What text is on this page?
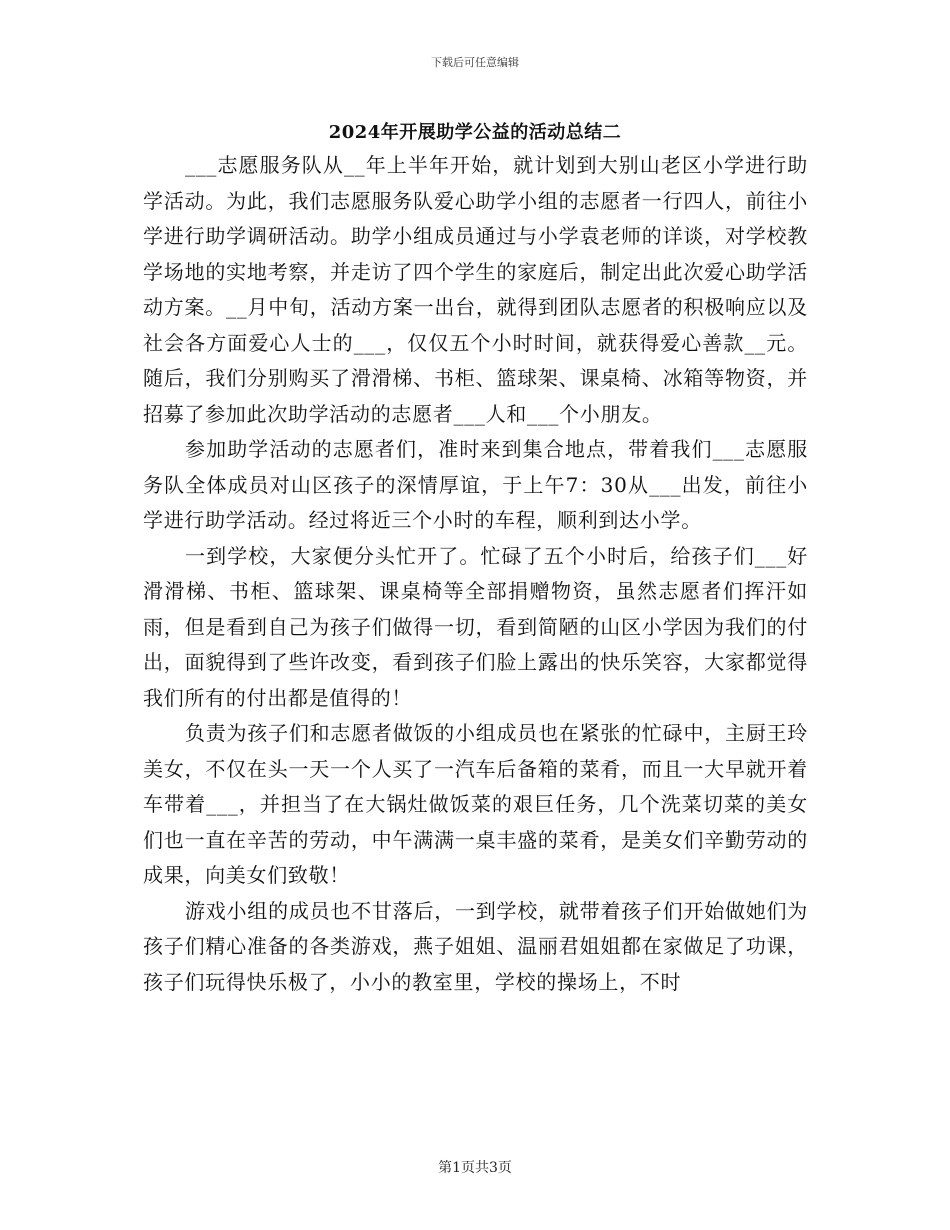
下载后可任意编辑
2024年开展助学公益的活动总结二

___志愿服务队从__年上半年开始，就计划到大别山老区小学进行助学活动。为此，我们志愿服务队爱心助学小组的志愿者一行四人，前往小学进行助学调研活动。助学小组成员通过与小学袁老师的详谈，对学校教学场地的实地考察，并走访了四个学生的家庭后，制定出此次爱心助学活动方案。__月中旬，活动方案一出台，就得到团队志愿者的积极响应以及社会各方面爱心人士的___，仅仅五个小时时间，就获得爱心善款__元。随后，我们分别购买了滑滑梯、书柜、篮球架、课桌椅、冰箱等物资，并招募了参加此次助学活动的志愿者___人和___个小朋友。

参加助学活动的志愿者们，准时来到集合地点，带着我们___志愿服务队全体成员对山区孩子的深情厚谊，于上午7：30从___出发，前往小学进行助学活动。经过将近三个小时的车程，顺利到达小学。

一到学校，大家便分头忙开了。忙碌了五个小时后，给孩子们___好滑滑梯、书柜、篮球架、课桌椅等全部捐赠物资，虽然志愿者们挥汗如雨，但是看到自己为孩子们做得一切，看到简陋的山区小学因为我们的付出，面貌得到了些许改变，看到孩子们脸上露出的快乐笑容，大家都觉得我们所有的付出都是值得的！

负责为孩子们和志愿者做饭的小组成员也在紧张的忙碌中，主厨王玲美女，不仅在头一天一个人买了一汽车后备箱的菜肴，而且一大早就开着车带着___，并担当了在大锅灶做饭菜的艰巨任务，几个洗菜切菜的美女们也一直在辛苦的劳动，中午满满一桌丰盛的菜肴，是美女们辛勤劳动的成果，向美女们致敬！

游戏小组的成员也不甘落后，一到学校，就带着孩子们开始做她们为孩子们精心准备的各类游戏，燕子姐姐、温丽君姐姐都在家做足了功课，孩子们玩得快乐极了，小小的教室里，学校的操场上，不时

第1页共3页
